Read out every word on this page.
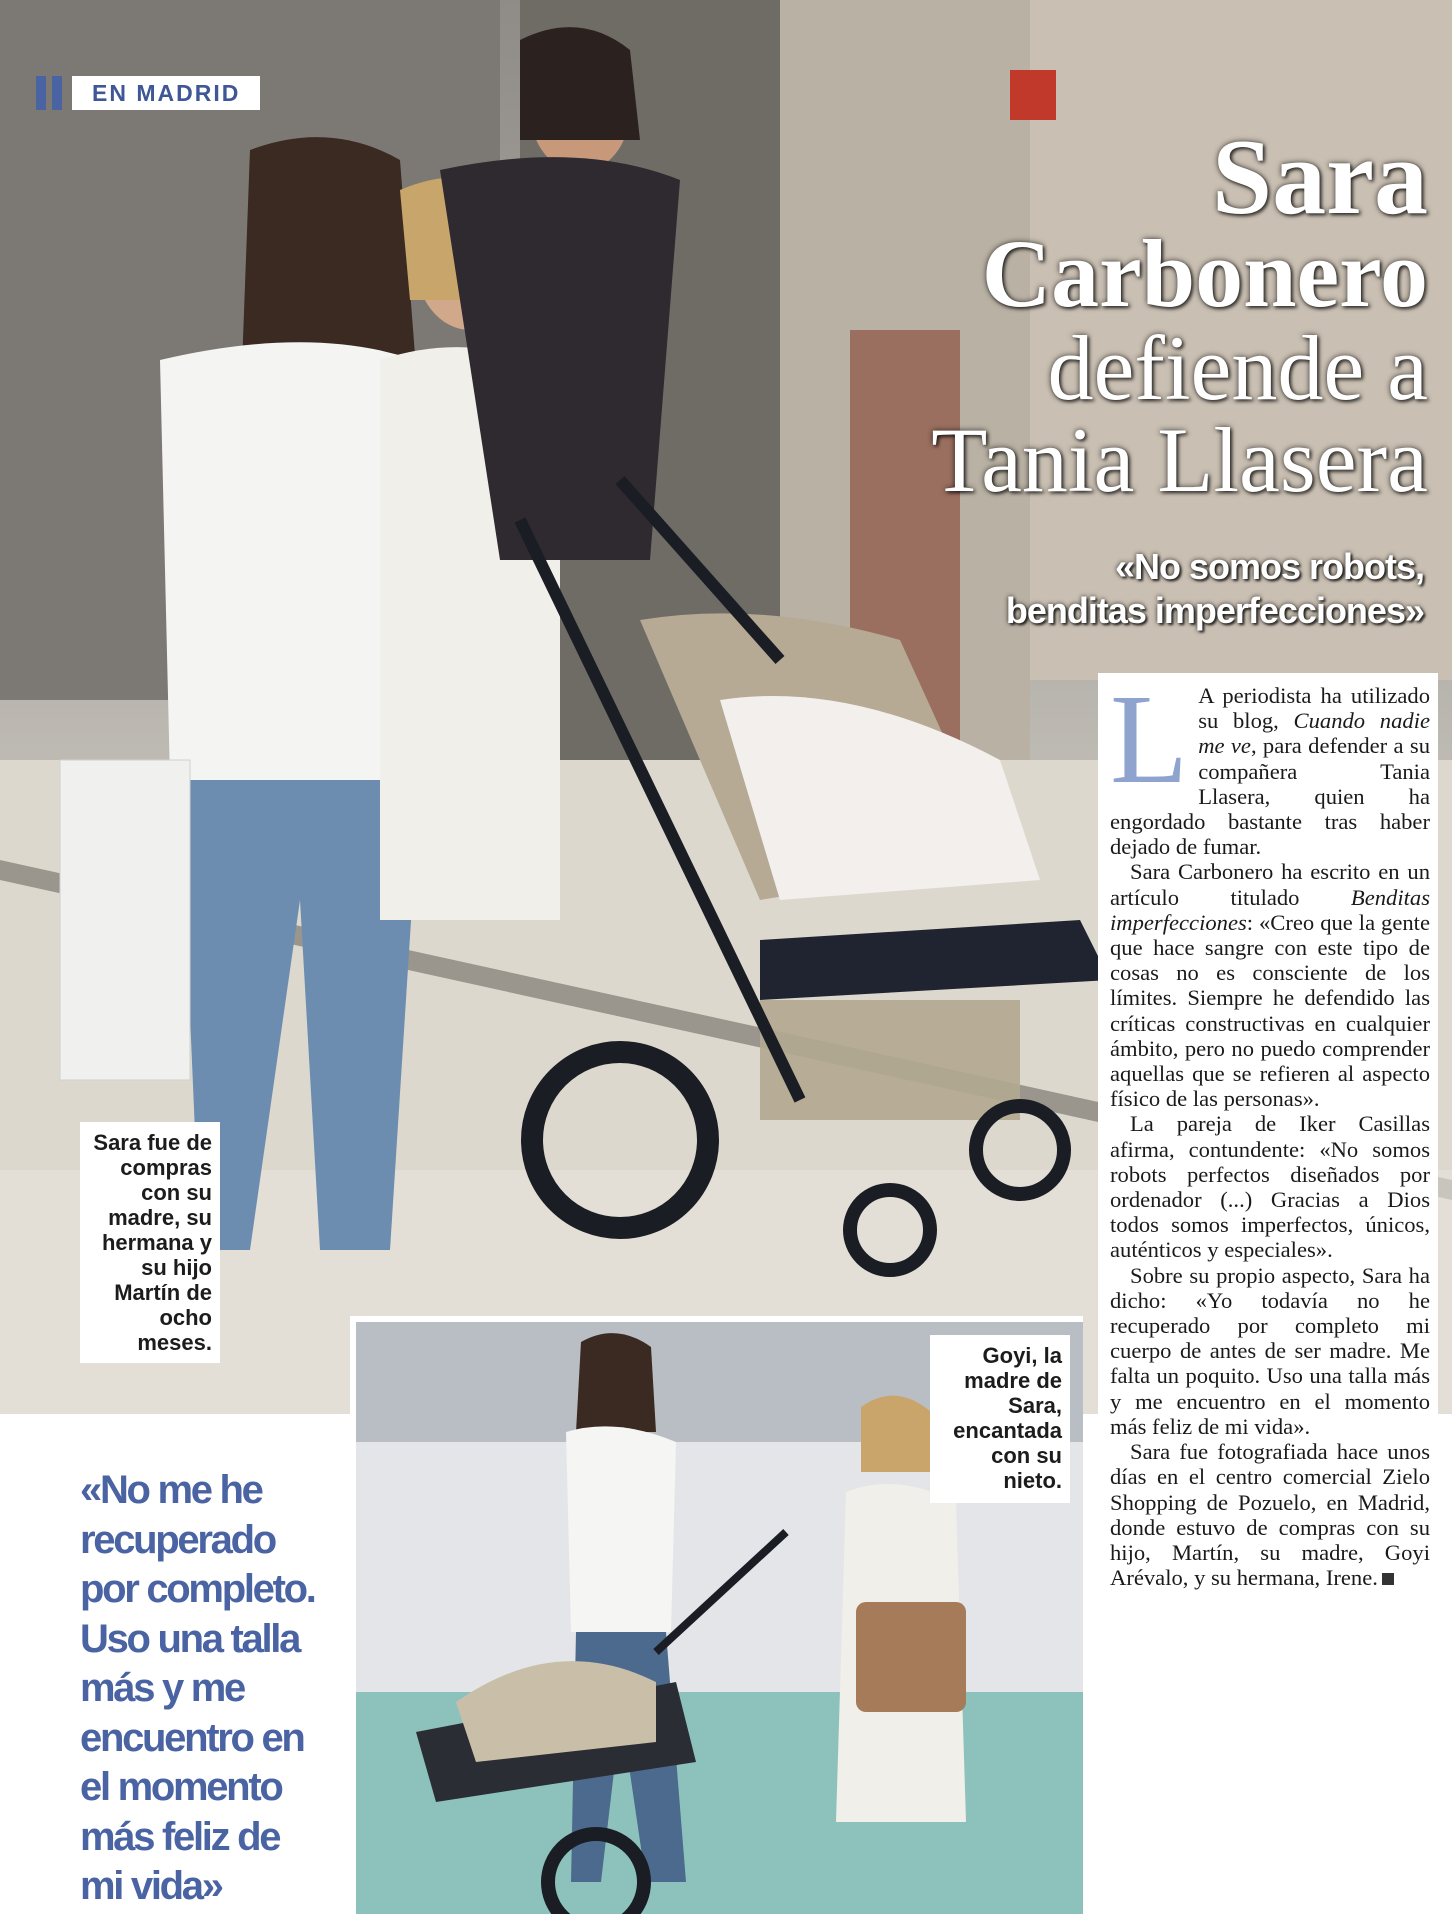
EN MADRID
Sara
Carbonero
defiende a
Tania Llasera
«No somos robots,
benditas imperfecciones»
Sara fue de
compras
con su
madre, su
hermana y
su hijo
Martín de
ocho
meses.
«No me he
recuperado
por completo.
Uso una talla
más y me
encuentro en
el momento
más feliz de
mi vida»
Goyi, la
madre de
Sara,
encantada
con su
nieto.
L A periodista ha utilizado su blog, Cuando nadie me ve, para defender a su compañera Tania Llasera, quien ha engordado bastante tras haber dejado de fumar.

Sara Carbonero ha escrito en un artículo titulado Benditas imperfecciones: «Creo que la gente que hace sangre con este tipo de cosas no es consciente de los límites. Siempre he defendido las críticas constructivas en cualquier ámbito, pero no puedo comprender aquellas que se refieren al aspecto físico de las personas».

La pareja de Iker Casillas afirma, contundente: «No somos robots perfectos diseñados por ordenador (...) Gracias a Dios todos somos imperfectos, únicos, auténticos y especiales».

Sobre su propio aspecto, Sara ha dicho: «Yo todavía no he recuperado por completo mi cuerpo de antes de ser madre. Me falta un poquito. Uso una talla más y me encuentro en el momento más feliz de mi vida».

Sara fue fotografiada hace unos días en el centro comercial Zielo Shopping de Pozuelo, en Madrid, donde estuvo de compras con su hijo, Martín, su madre, Goyi Arévalo, y su hermana, Irene.
